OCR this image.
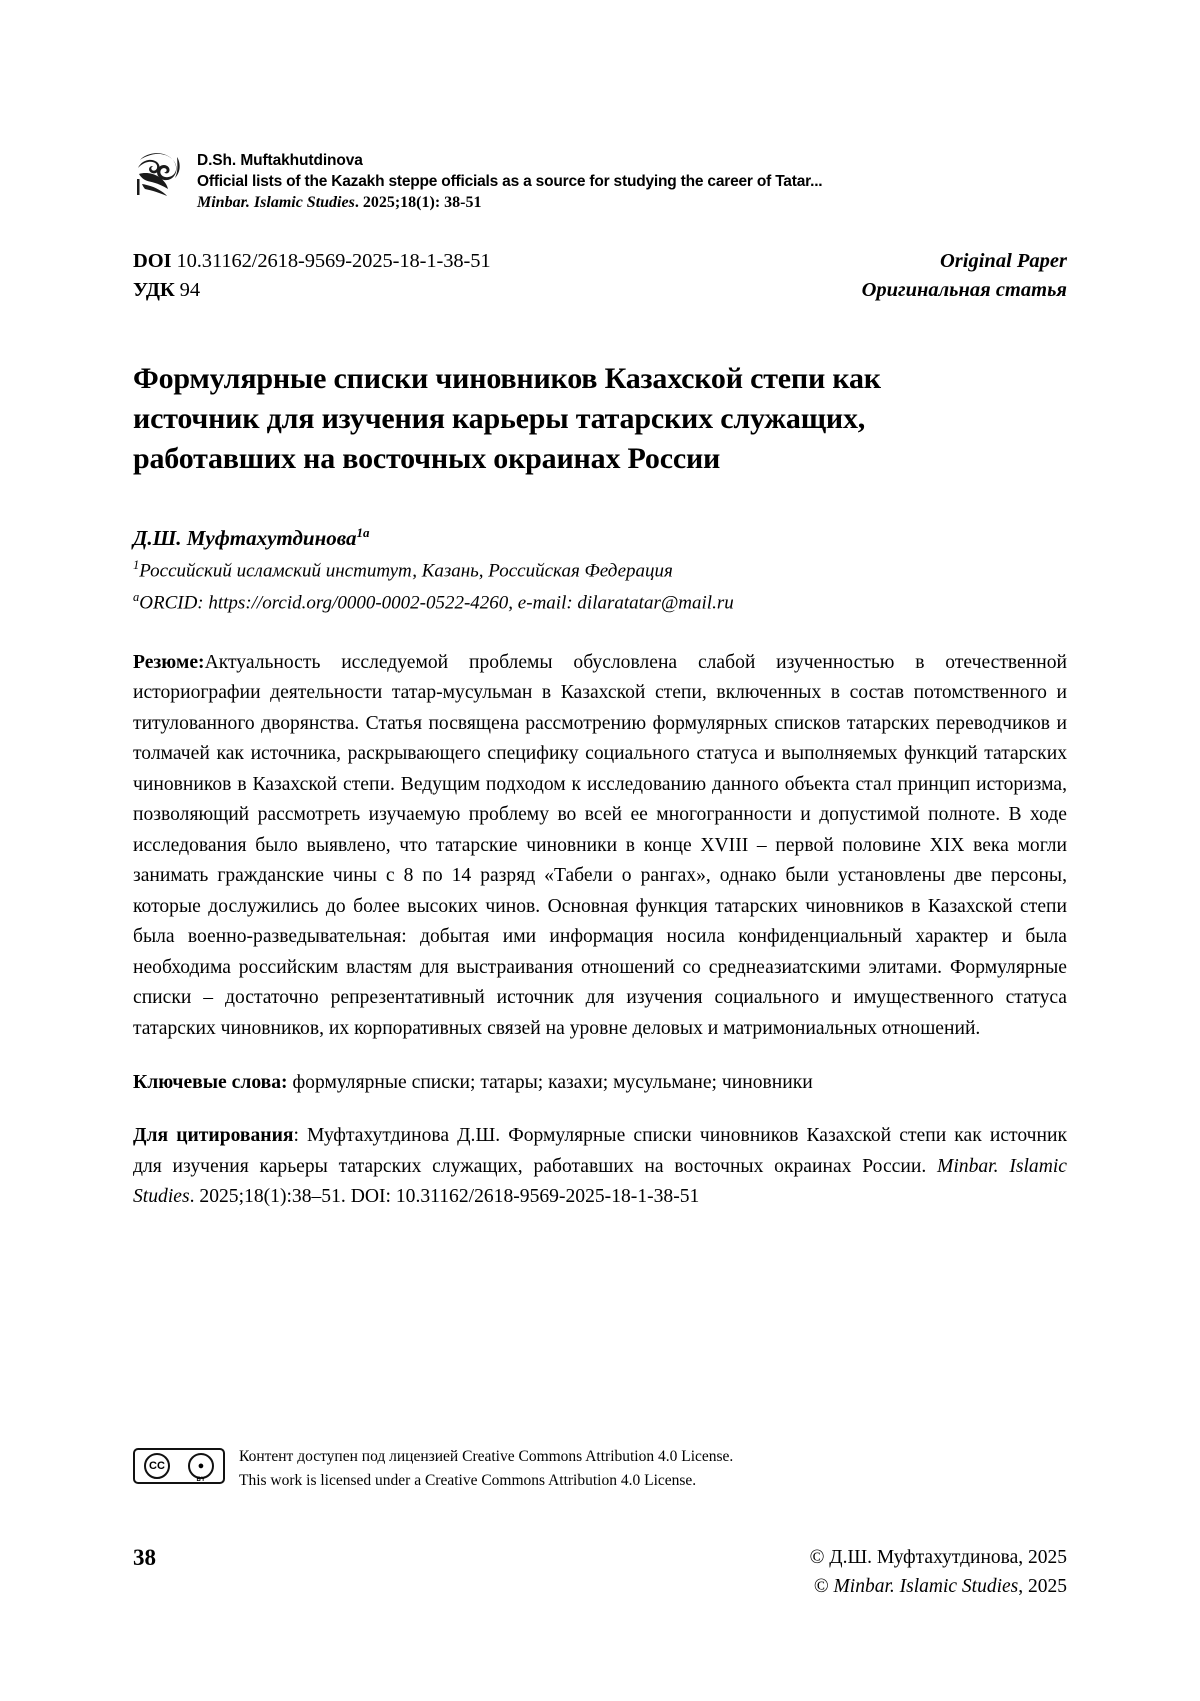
D.Sh. Muftakhutdinova
Official lists of the Kazakh steppe officials as a source for studying the career of Tatar...
Minbar. Islamic Studies. 2025;18(1): 38-51
DOI 10.31162/2618-9569-2025-18-1-38-51
УДК 94
Original Paper
Оригинальная статья
Формулярные списки чиновников Казахской степи как источник для изучения карьеры татарских служащих, работавших на восточных окраинах России
Д.Ш. Муфтахутдинова$^{1a}$
$^1$Российский исламский институт, Казань, Российская Федерация
$^a$ORCID: https://orcid.org/0000-0002-0522-4260, e-mail: dilaratatar@mail.ru
Резюме:Актуальность исследуемой проблемы обусловлена слабой изученностью в отечественной историографии деятельности татар-мусульман в Казахской степи, включенных в состав потомственного и титулованного дворянства. Статья посвящена рассмотрению формулярных списков татарских переводчиков и толмачей как источника, раскрывающего специфику социального статуса и выполняемых функций татарских чиновников в Казахской степи. Ведущим подходом к исследованию данного объекта стал принцип историзма, позволяющий рассмотреть изучаемую проблему во всей ее многогранности и допустимой полноте. В ходе исследования было выявлено, что татарские чиновники в конце XVIII – первой половине XIX века могли занимать гражданские чины с 8 по 14 разряд «Табели о рангах», однако были установлены две персоны, которые дослужились до более высоких чинов. Основная функция татарских чиновников в Казахской степи была военно-разведывательная: добытая ими информация носила конфиденциальный характер и была необходима российским властям для выстраивания отношений со среднеазиатскими элитами. Формулярные списки – достаточно репрезентативный источник для изучения социального и имущественного статуса татарских чиновников, их корпоративных связей на уровне деловых и матримониальных отношений.
Ключевые слова: формулярные списки; татары; казахи; мусульмане; чиновники
Для цитирования: Муфтахутдинова Д.Ш. Формулярные списки чиновников Казахской степи как источник для изучения карьеры татарских служащих, работавших на восточных окраинах России. Minbar. Islamic Studies. 2025;18(1):38–51. DOI: 10.31162/2618-9569-2025-18-1-38-51
CC	●
BY
Контент доступен под лицензией Creative Commons Attribution 4.0 License.
This work is licensed under a Creative Commons Attribution 4.0 License.
38	© Д.Ш. Муфтахутдинова, 2025
© Minbar. Islamic Studies, 2025
